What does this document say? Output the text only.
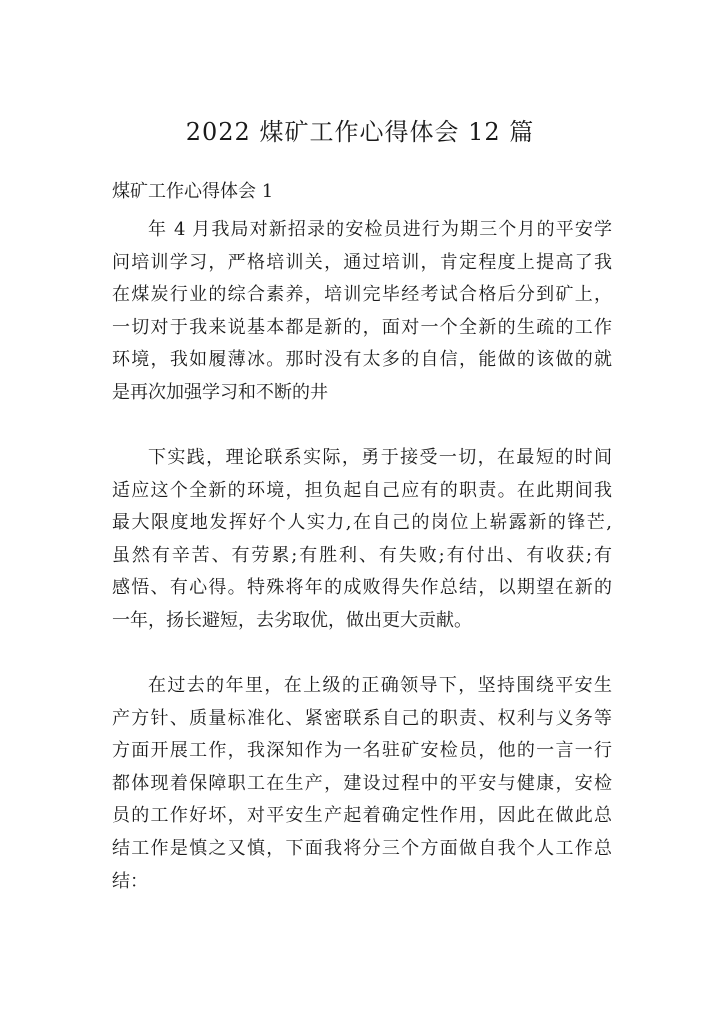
2022 煤矿工作心得体会 12 篇

煤矿工作心得体会 1

年 4 月我局对新招录的安检员进行为期三个月的平安学
问培训学习，严格培训关，通过培训，肯定程度上提高了我
在煤炭行业的综合素养，培训完毕经考试合格后分到矿上，
一切对于我来说基本都是新的，面对一个全新的生疏的工作
环境，我如履薄冰。那时没有太多的自信，能做的该做的就
是再次加强学习和不断的井
下实践，理论联系实际，勇于接受一切，在最短的时间
适应这个全新的环境，担负起自己应有的职责。在此期间我
最大限度地发挥好个人实力,在自己的岗位上崭露新的锋芒,
虽然有辛苦、有劳累;有胜利、有失败;有付出、有收获;有
感悟、有心得。特殊将年的成败得失作总结，以期望在新的
一年，扬长避短，去劣取优，做出更大贡献。
在过去的年里，在上级的正确领导下，坚持围绕平安生
产方针、质量标准化、紧密联系自己的职责、权利与义务等
方面开展工作，我深知作为一名驻矿安检员，他的一言一行
都体现着保障职工在生产，建设过程中的平安与健康，安检
员的工作好坏，对平安生产起着确定性作用，因此在做此总
结工作是慎之又慎，下面我将分三个方面做自我个人工作总
结：
